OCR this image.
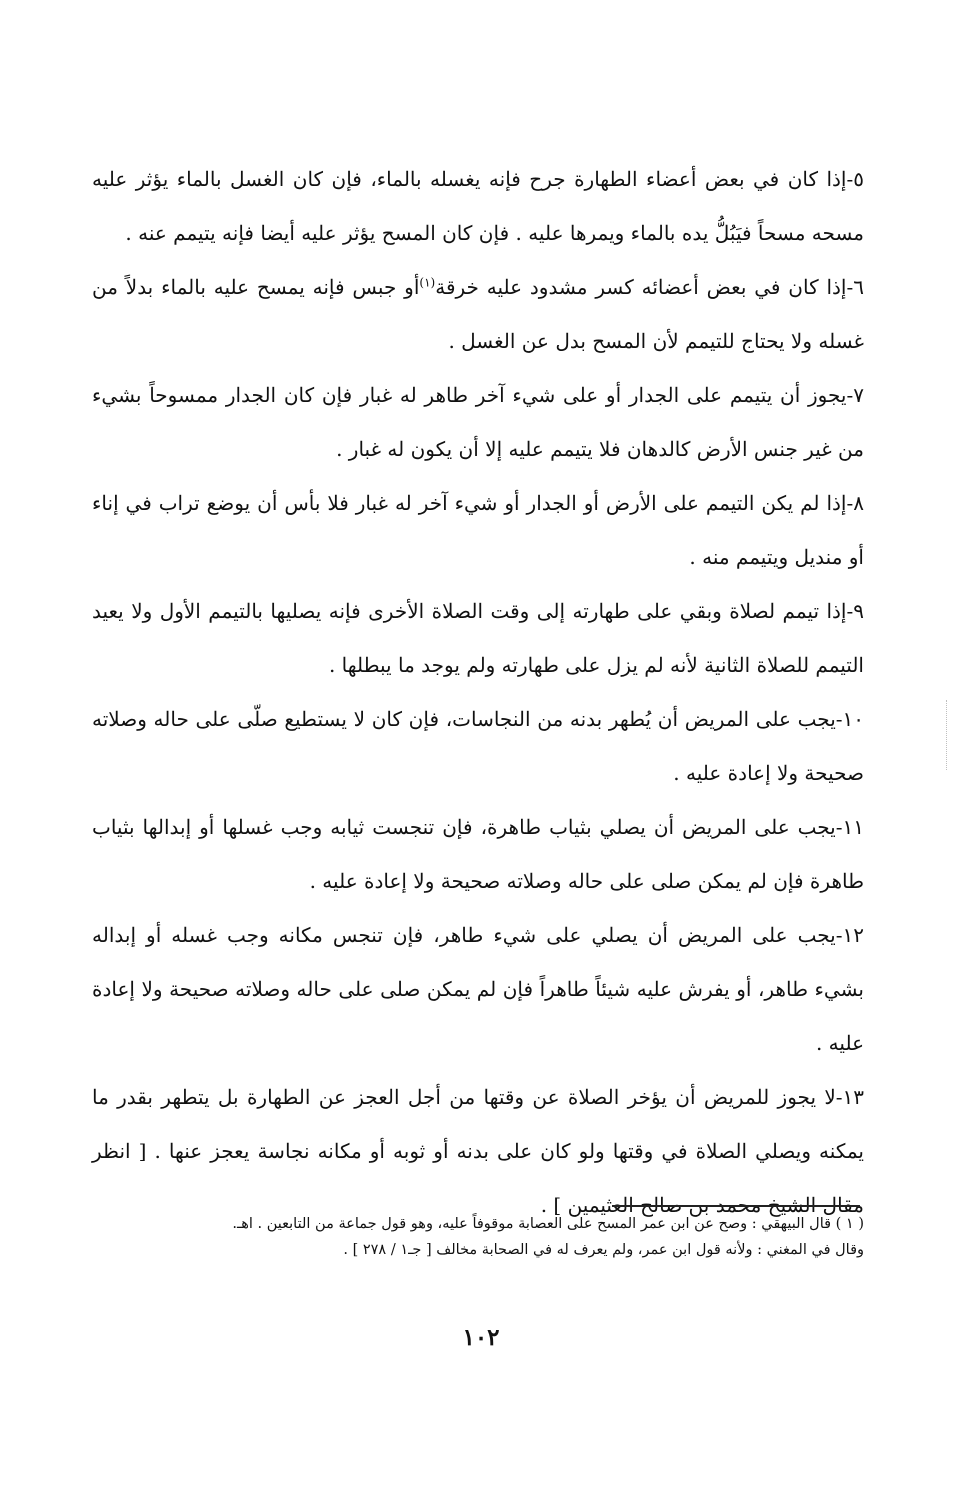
٥-إذا كان في بعض أعضاء الطهارة جرح فإنه يغسله بالماء، فإن كان الغسل بالماء يؤثر عليه مسحه مسحاً فيَبُلُّ يده بالماء ويمرها عليه . فإن كان المسح يؤثر عليه أيضا فإنه يتيمم عنه .

٦-إذا كان في بعض أعضائه كسر مشدود عليه خرقة$^{(١)}$أو جبس فإنه يمسح عليه بالماء بدلاً من غسله ولا يحتاج للتيمم لأن المسح بدل عن الغسل .

٧-يجوز أن يتيمم على الجدار أو على شيء آخر طاهر له غبار فإن كان الجدار ممسوحاً بشيء من غير جنس الأرض كالدهان فلا يتيمم عليه إلا أن يكون له غبار .

٨-إذا لم يكن التيمم على الأرض أو الجدار أو شيء آخر له غبار فلا بأس أن يوضع تراب في إناء أو منديل ويتيمم منه .

٩-إذا تيمم لصلاة وبقي على طهارته إلى وقت الصلاة الأخرى فإنه يصليها بالتيمم الأول ولا يعيد التيمم للصلاة الثانية لأنه لم يزل على طهارته ولم يوجد ما يبطلها .

١٠-يجب على المريض أن يُطهر بدنه من النجاسات، فإن كان لا يستطيع صلّى على حاله وصلاته صحيحة ولا إعادة عليه .

١١-يجب على المريض أن يصلي بثياب طاهرة، فإن تنجست ثيابه وجب غسلها أو إبدالها بثياب طاهرة فإن لم يمكن صلى على حاله وصلاته صحيحة ولا إعادة عليه .

١٢-يجب على المريض أن يصلي على شيء طاهر، فإن تنجس مكانه وجب غسله أو إبداله بشيء طاهر، أو يفرش عليه شيئاً طاهراً فإن لم يمكن صلى على حاله وصلاته صحيحة ولا إعادة عليه .

١٣-لا يجوز للمريض أن يؤخر الصلاة عن وقتها من أجل العجز عن الطهارة بل يتطهر بقدر ما يمكنه ويصلي الصلاة في وقتها ولو كان على بدنه أو ثوبه أو مكانه نجاسة يعجز عنها . [ انظر مقال الشيخ محمد بن صالح العثيمين ] .

( ١ ) قال البيهقي : وصح عن ابن عمر المسح على العصابة موقوفاً عليه، وهو قول جماعة من التابعين . اهـ.

وقال في المغني : ولأنه قول ابن عمر، ولم يعرف له في الصحابة مخالف [ جـ١ / ٢٧٨ ] .

١٠٢
